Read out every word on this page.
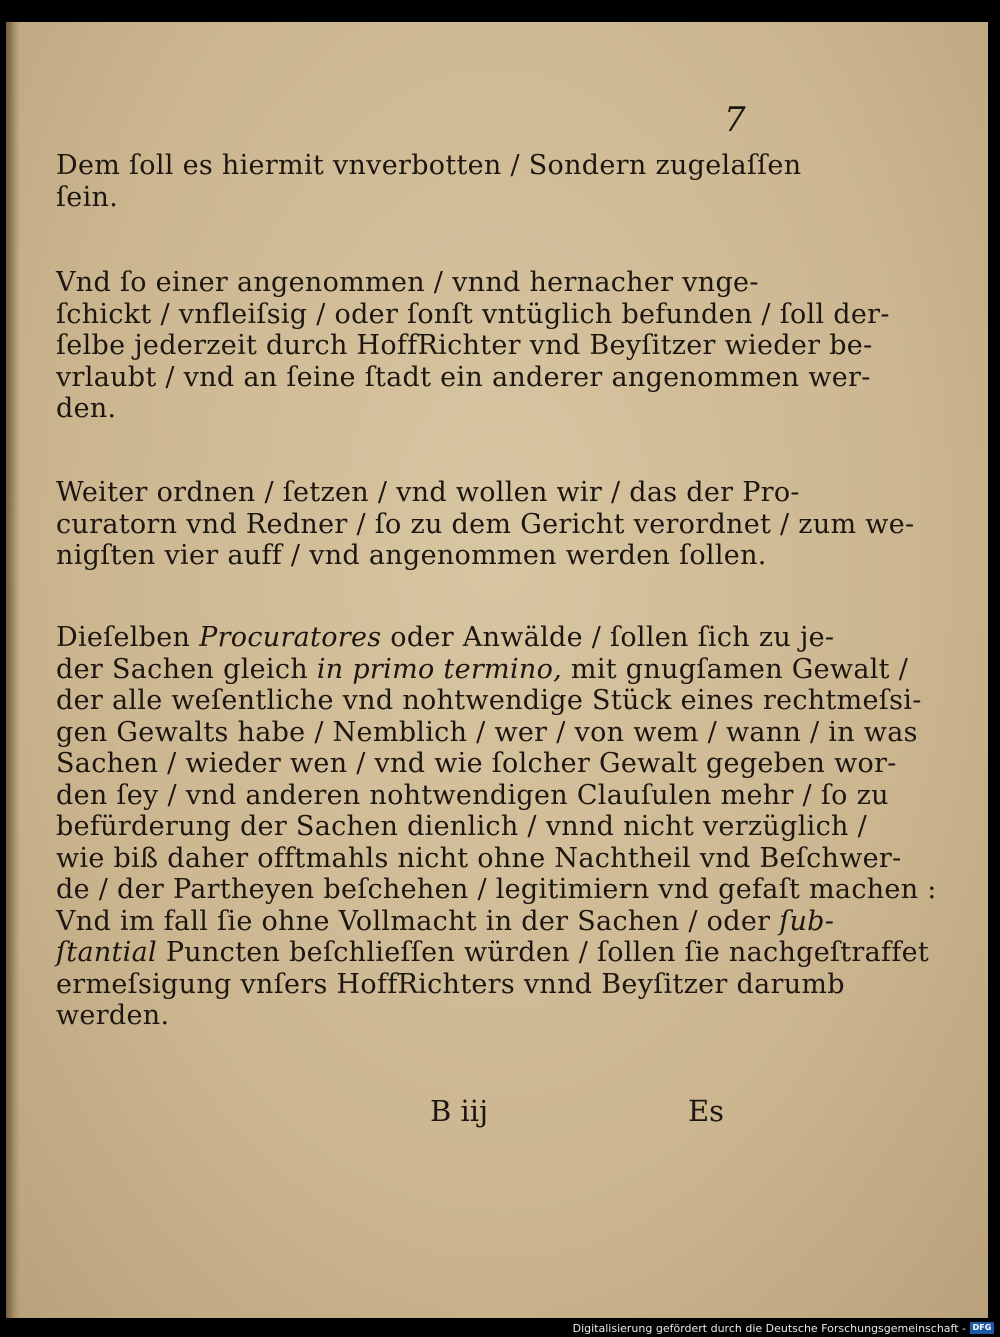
7
Dem ſoll es hiermit vnverbotten / Sondern zugelaſſen
ſein.
Vnd ſo einer angenommen / vnnd hernacher vnge-
ſchickt / vnfleiſsig / oder ſonſt vntüglich befunden / ſoll der-
ſelbe jederzeit durch HoffRichter vnd Beyſitzer wieder be-
vrlaubt / vnd an ſeine ſtadt ein anderer angenommen wer-
den.
Weiter ordnen / ſetzen / vnd wollen wir / das der Pro-
curatorn vnd Redner / ſo zu dem Gericht verordnet / zum we-
nigſten vier auff / vnd angenommen werden ſollen.
Dieſelben Procuratores oder Anwälde / ſollen ſich zu je-
der Sachen gleich in primo termino, mit gnugſamen Gewalt /
der alle weſentliche vnd nohtwendige Stück eines rechtmeſsi-
gen Gewalts habe / Nemblich / wer / von wem / wann / in was
Sachen / wieder wen / vnd wie ſolcher Gewalt gegeben wor-
den ſey / vnd anderen nohtwendigen Clauſulen mehr / ſo zu
befürderung der Sachen dienlich / vnnd nicht verzüglich /
wie biß daher offtmahls nicht ohne Nachtheil vnd Beſchwer-
de / der Partheyen beſchehen / legitimiern vnd gefaſt machen :
Vnd im fall ſie ohne Vollmacht in der Sachen / oder ſub-
ſtantial Puncten beſchlieſſen würden / ſollen ſie nachgeſtraffet
ermeſsigung vnſers HoffRichters vnnd Beyſitzer darumb
werden.
B iij	Es
Digitalisierung gefördert durch die Deutsche Forschungsgemeinschaft - DFG
